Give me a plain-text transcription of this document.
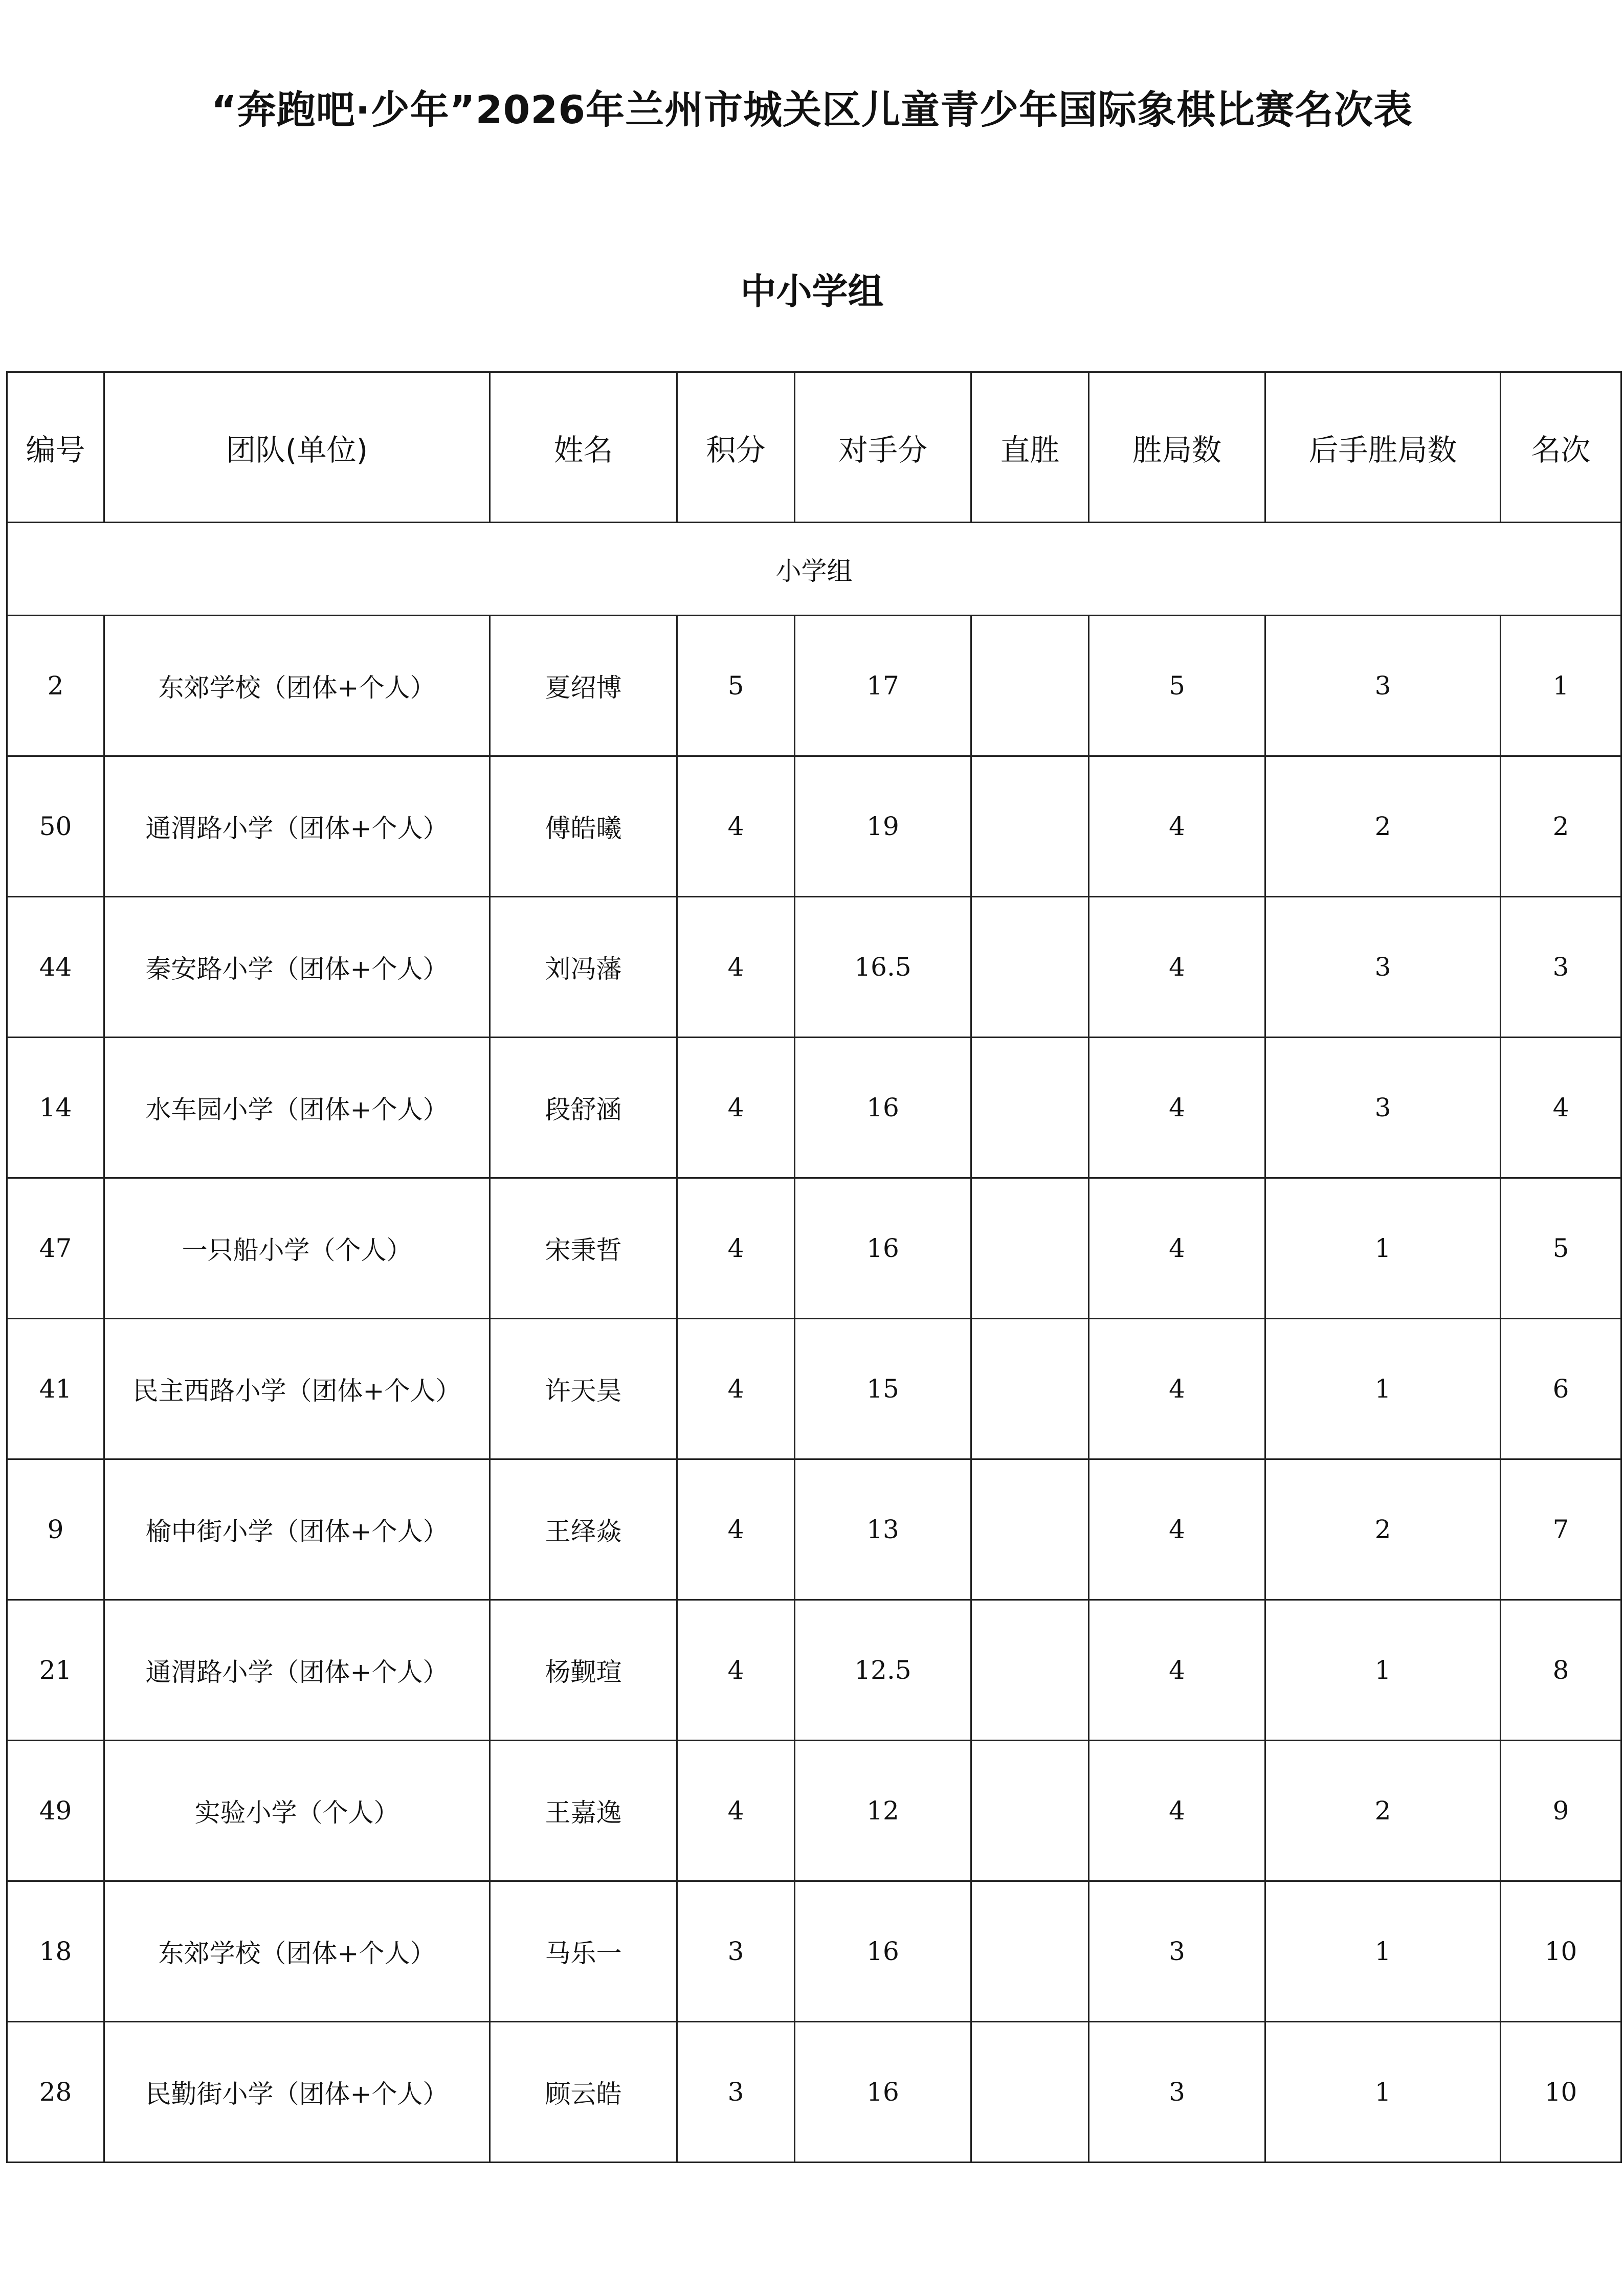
“奔跑吧·少年”2026年兰州市城关区儿童青少年国际象棋比赛名次表
中小学组
编号	团队(单位)	姓名	积分	对手分	直胜	胜局数	后手胜局数	名次
小学组								
2	东郊学校（团体+个人）	夏绍博	5	17		5	3	1
50	通渭路小学（团体+个人）	傅皓曦	4	19		4	2	2
44	秦安路小学（团体+个人）	刘冯藩	4	16.5		4	3	3
14	水车园小学（团体+个人）	段舒涵	4	16		4	3	4
47	一只船小学（个人）	宋秉哲	4	16		4	1	5
41	民主西路小学（团体+个人）	许天昊	4	15		4	1	6
9	榆中街小学（团体+个人）	王绎焱	4	13		4	2	7
21	通渭路小学（团体+个人）	杨觐瑄	4	12.5		4	1	8
49	实验小学（个人）	王嘉逸	4	12		4	2	9
18	东郊学校（团体+个人）	马乐一	3	16		3	1	10
28	民勤街小学（团体+个人）	顾云皓	3	16		3	1	10
